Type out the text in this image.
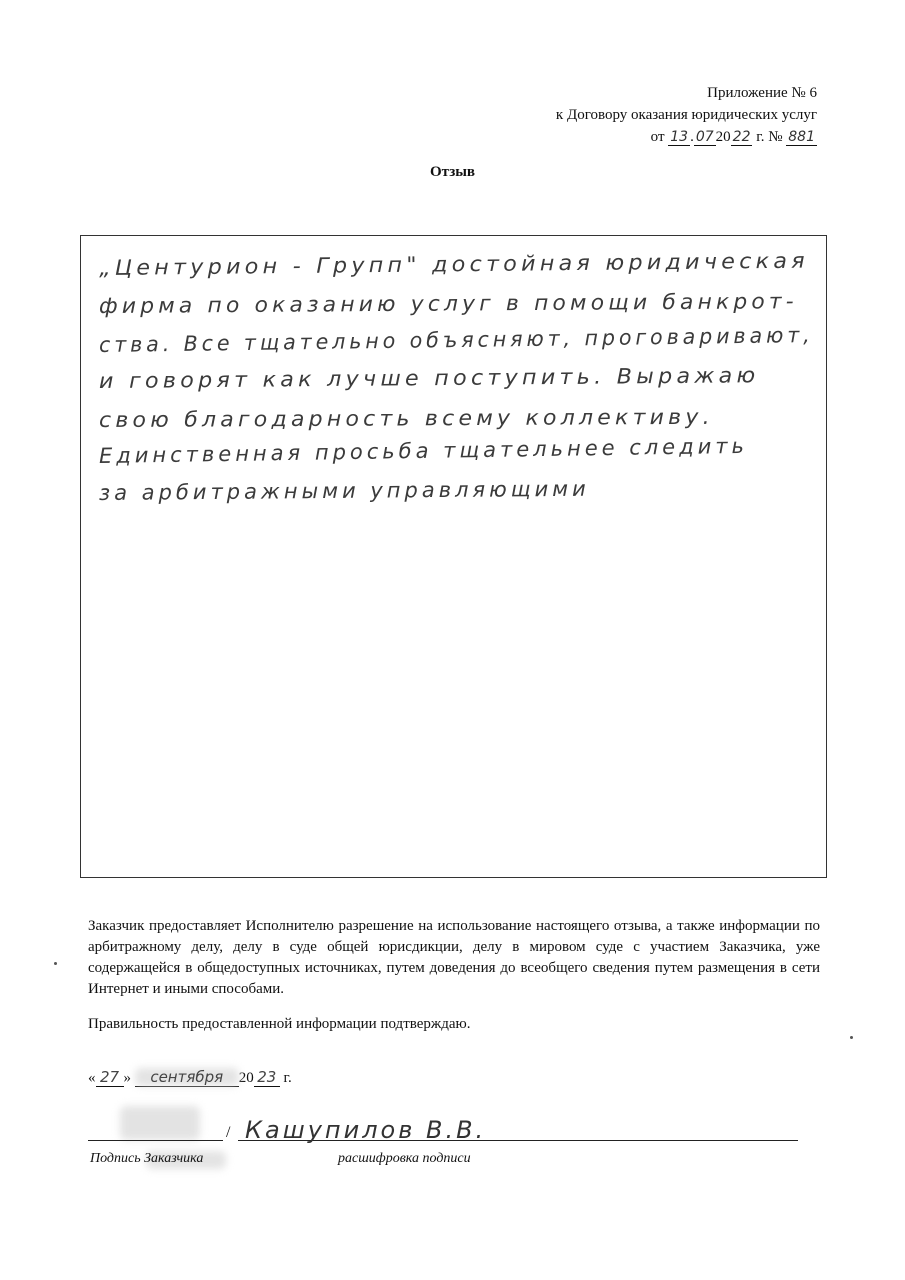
Приложение № 6
к Договору оказания юридических услуг
от 13 . 07 20 22 г. № 881
Отзыв
„Центурион - Групп" достойная юридическая
фирма по оказанию услуг в помощи банкрот-
ства. Все тщательно объясняют, проговаривают,
и говорят как лучше поступить. Выражаю
свою благодарность всему коллективу.
Единственная просьба тщательнее следить
за арбитражными управляющими
Заказчик предоставляет Исполнителю разрешение на использование настоящего отзыва, а также информации по арбитражному делу, делу в суде общей юрисдикции, делу в мировом суде с участием Заказчика, уже содержащейся в общедоступных источниках, путем доведения до всеобщего сведения путем размещения в сети Интернет и иными способами.
Правильность предоставленной информации подтверждаю.
« 27 » сентября 20 23 г.
/ Кашупилов В.В.
Подпись Заказчика	расшифровка подписи
